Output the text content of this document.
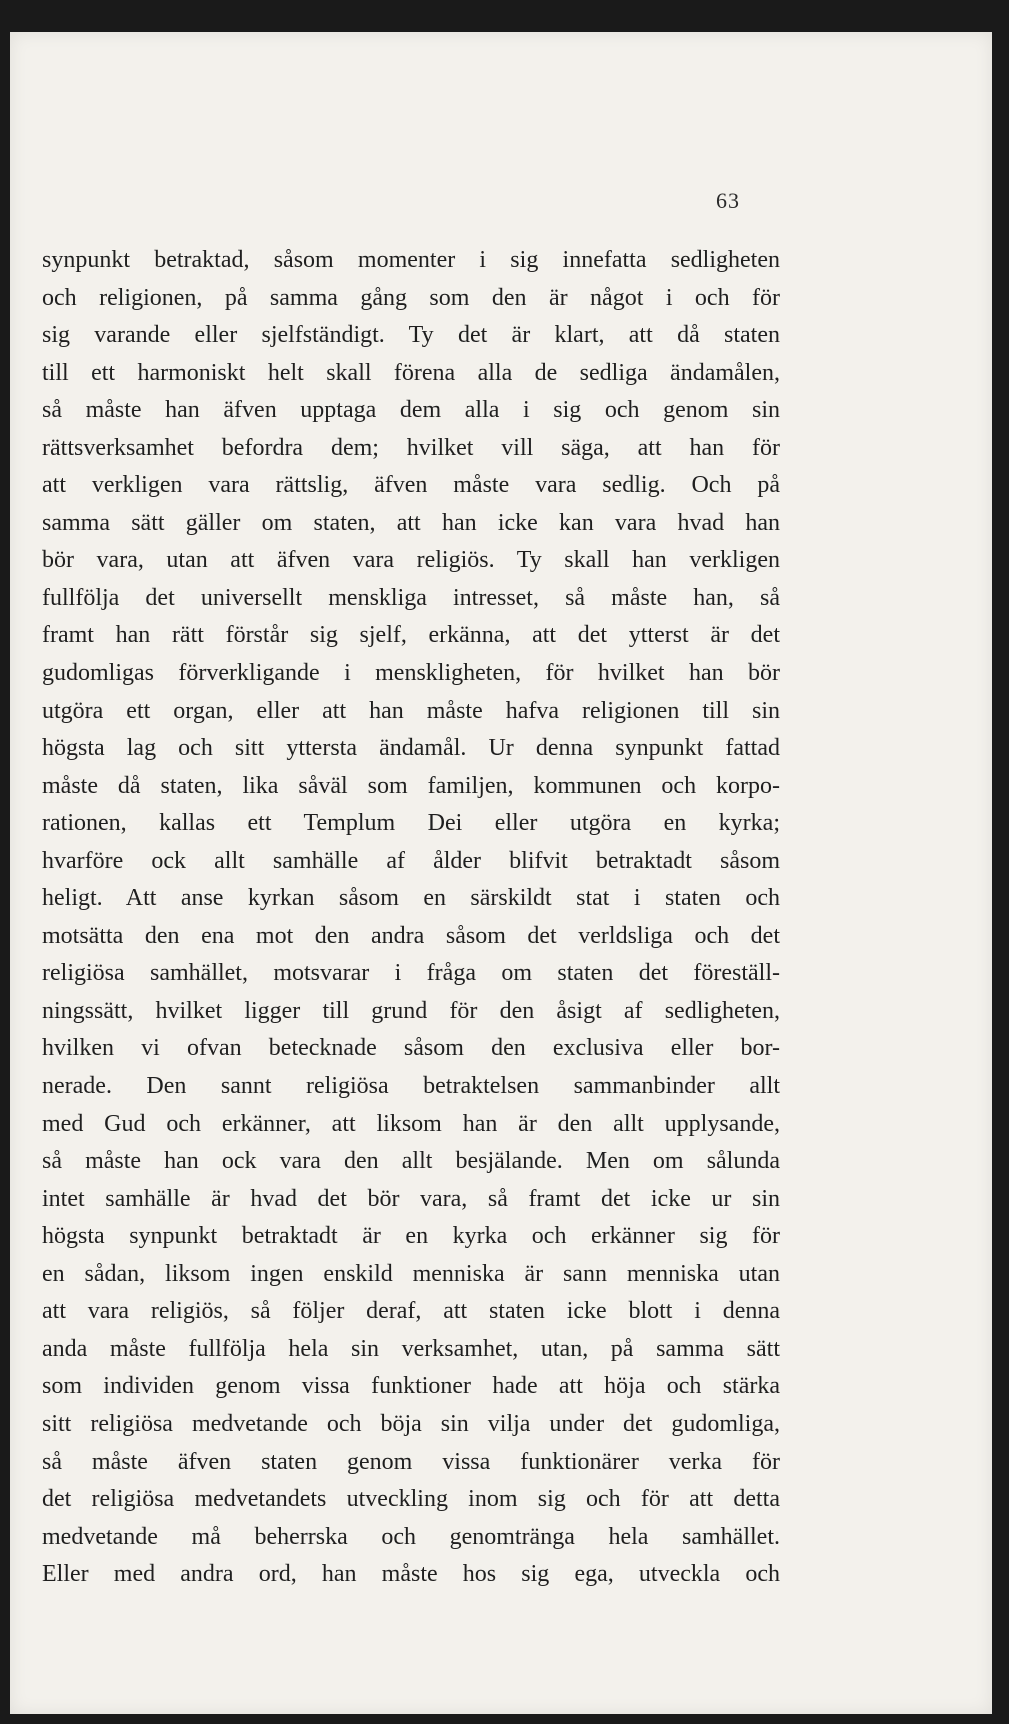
63
synpunkt betraktad, såsom momenter i sig innefatta sedligheten
och religionen, på samma gång som den är något i och för
sig varande eller sjelfständigt. Ty det är klart, att då staten
till ett harmoniskt helt skall förena alla de sedliga ändamålen,
så måste han äfven upptaga dem alla i sig och genom sin
rättsverksamhet befordra dem; hvilket vill säga, att han för
att verkligen vara rättslig, äfven måste vara sedlig. Och på
samma sätt gäller om staten, att han icke kan vara hvad han
bör vara, utan att äfven vara religiös. Ty skall han verkligen
fullfölja det universellt menskliga intresset, så måste han, så
framt han rätt förstår sig sjelf, erkänna, att det ytterst är det
gudomligas förverkligande i menskligheten, för hvilket han bör
utgöra ett organ, eller att han måste hafva religionen till sin
högsta lag och sitt yttersta ändamål. Ur denna synpunkt fattad
måste då staten, lika såväl som familjen, kommunen och korpo-
rationen, kallas ett Templum Dei eller utgöra en kyrka;
hvarföre ock allt samhälle af ålder blifvit betraktadt såsom
heligt. Att anse kyrkan såsom en särskildt stat i staten och
motsätta den ena mot den andra såsom det verldsliga och det
religiösa samhället, motsvarar i fråga om staten det föreställ-
ningssätt, hvilket ligger till grund för den åsigt af sedligheten,
hvilken vi ofvan betecknade såsom den exclusiva eller bor-
nerade. Den sannt religiösa betraktelsen sammanbinder allt
med Gud och erkänner, att liksom han är den allt upplysande,
så måste han ock vara den allt besjälande. Men om sålunda
intet samhälle är hvad det bör vara, så framt det icke ur sin
högsta synpunkt betraktadt är en kyrka och erkänner sig för
en sådan, liksom ingen enskild menniska är sann menniska utan
att vara religiös, så följer deraf, att staten icke blott i denna
anda måste fullfölja hela sin verksamhet, utan, på samma sätt
som individen genom vissa funktioner hade att höja och stärka
sitt religiösa medvetande och böja sin vilja under det gudomliga,
så måste äfven staten genom vissa funktionärer verka för
det religiösa medvetandets utveckling inom sig och för att detta
medvetande må beherrska och genomtränga hela samhället.
Eller med andra ord, han måste hos sig ega, utveckla och
